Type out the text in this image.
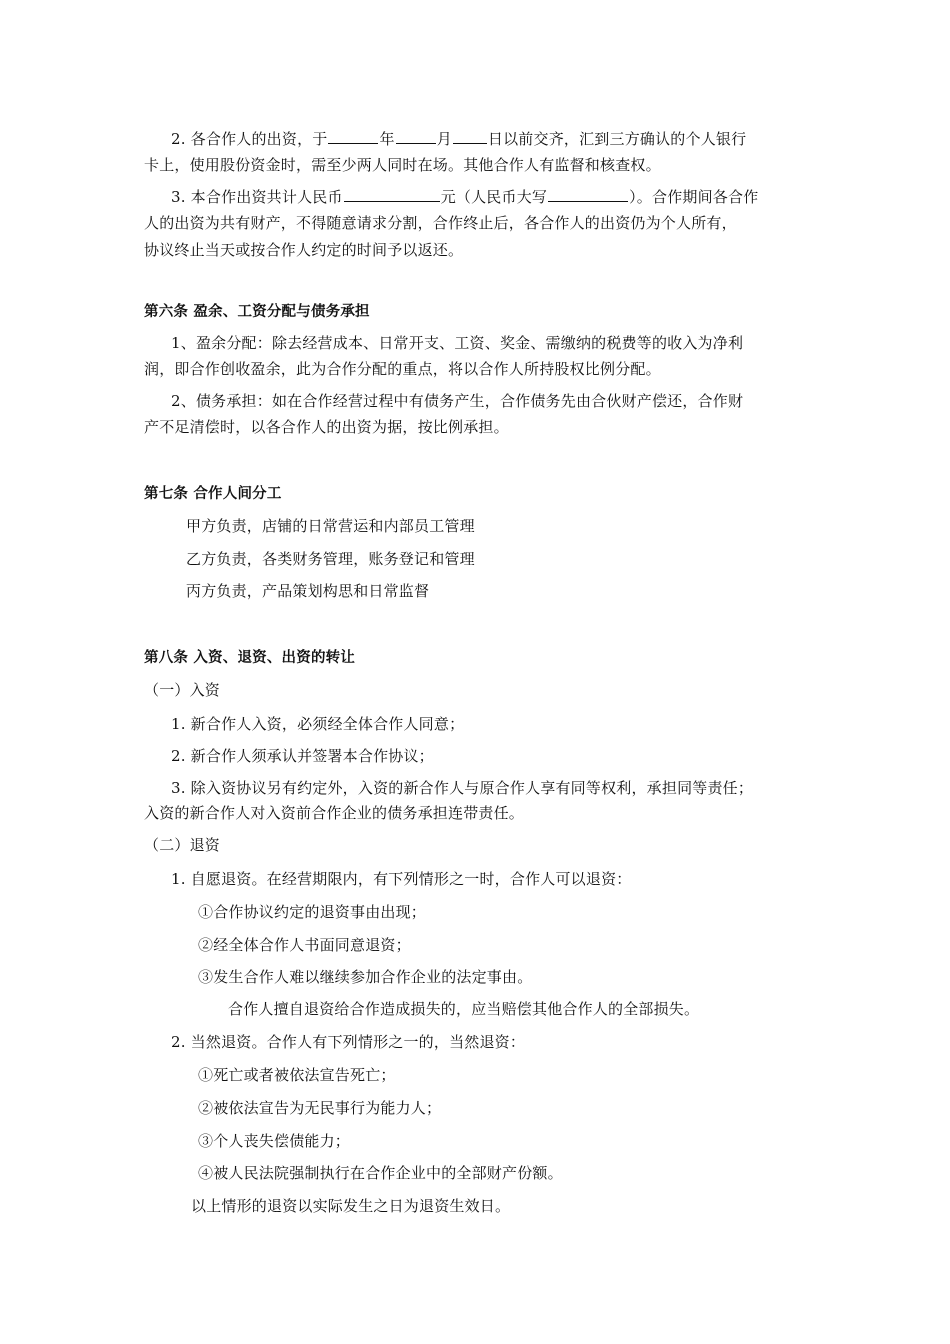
2. 各合作人的出资，于	年	月 日以前交齐，汇到三方确认的个人银行
卡上，使用股份资金时，需至少两人同时在场。其他合作人有监督和核查权。
3. 本合作出资共计人民币	元（人民币大写	）。合作期间各合作
人的出资为共有财产，不得随意请求分割，合作终止后，各合作人的出资仍为个人所有，
协议终止当天或按合作人约定的时间予以返还。
第六条 盈余、工资分配与债务承担
1、盈余分配：除去经营成本、日常开支、工资、奖金、需缴纳的税费等的收入为净利
润，即合作创收盈余，此为合作分配的重点，将以合作人所持股权比例分配。
2、债务承担：如在合作经营过程中有债务产生，合作债务先由合伙财产偿还，合作财
产不足清偿时，以各合作人的出资为据，按比例承担。
第七条 合作人间分工
甲方负责，店铺的日常营运和内部员工管理
乙方负责，各类财务管理，账务登记和管理
丙方负责，产品策划构思和日常监督
第八条 入资、退资、出资的转让
（一）入资
1. 新合作人入资，必须经全体合作人同意；
2. 新合作人须承认并签署本合作协议；
3. 除入资协议另有约定外，入资的新合作人与原合作人享有同等权利，承担同等责任；
入资的新合作人对入资前合作企业的债务承担连带责任。
（二）退资
1. 自愿退资。在经营期限内，有下列情形之一时，合作人可以退资：
①合作协议约定的退资事由出现；
②经全体合作人书面同意退资；
③发生合作人难以继续参加合作企业的法定事由。
合作人擅自退资给合作造成损失的，应当赔偿其他合作人的全部损失。
2. 当然退资。合作人有下列情形之一的，当然退资：
①死亡或者被依法宣告死亡；
②被依法宣告为无民事行为能力人；
③个人丧失偿债能力；
④被人民法院强制执行在合作企业中的全部财产份额。
以上情形的退资以实际发生之日为退资生效日。
